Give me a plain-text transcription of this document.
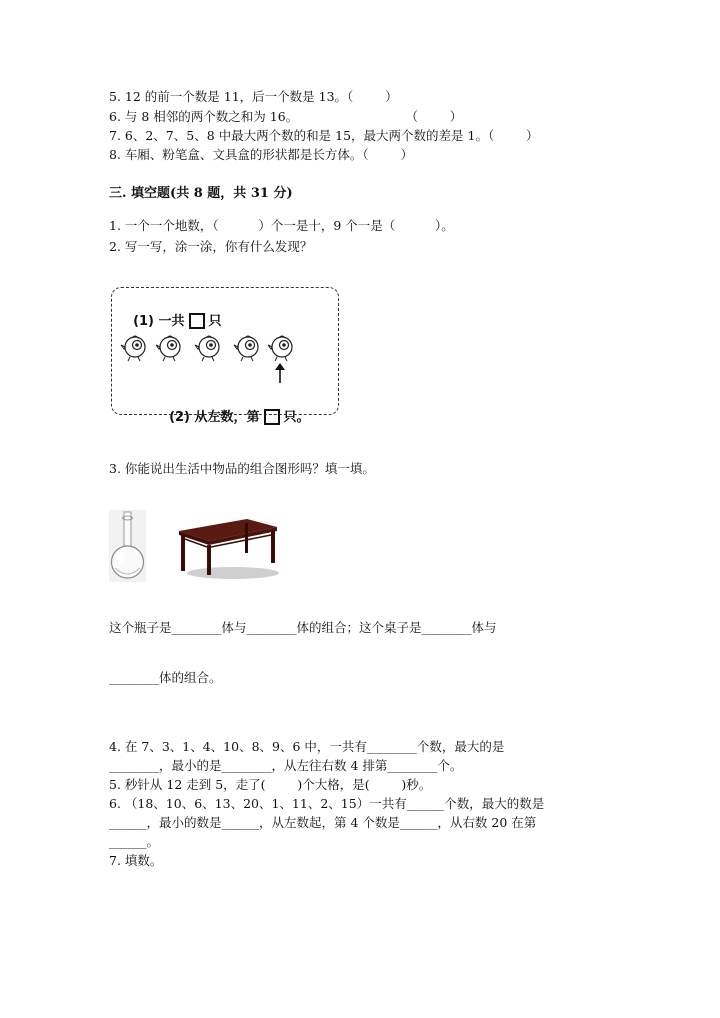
5. 12 的前一个数是 11，后一个数是 13。（        ）
6. 与 8 相邻的两个数之和为 16。                           （        ）
7. 6、2、7、5、8 中最大两个数的和是 15，最大两个数的差是 1。（        ）
8. 车厢、粉笔盒、文具盒的形状都是长方体。（        ）
三. 填空题(共 8 题，共 31 分)
1. 一个一个地数，（          ）个一是十，9 个一是（          ）。
2. 写一写，涂一涂，你有什么发现？

(1) 一共 只

(2) 从左数，第 只。

3. 你能说出生活中物品的组合图形吗？填一填。
这个瓶子是________体与________体的组合；这个桌子是________体与
________体的组合。
4. 在 7、3、1、4、10、8、9、6 中，一共有________个数，最大的是
________，最小的是________，从左往右数 4 排第________个。
5. 秒针从 12 走到 5，走了(        )个大格，是(        )秒。
6. （18、10、6、13、20、1、11、2、15）一共有______个数，最大的数是
______，最小的数是______，从左数起，第 4 个数是______，从右数 20 在第
______。
7. 填数。
